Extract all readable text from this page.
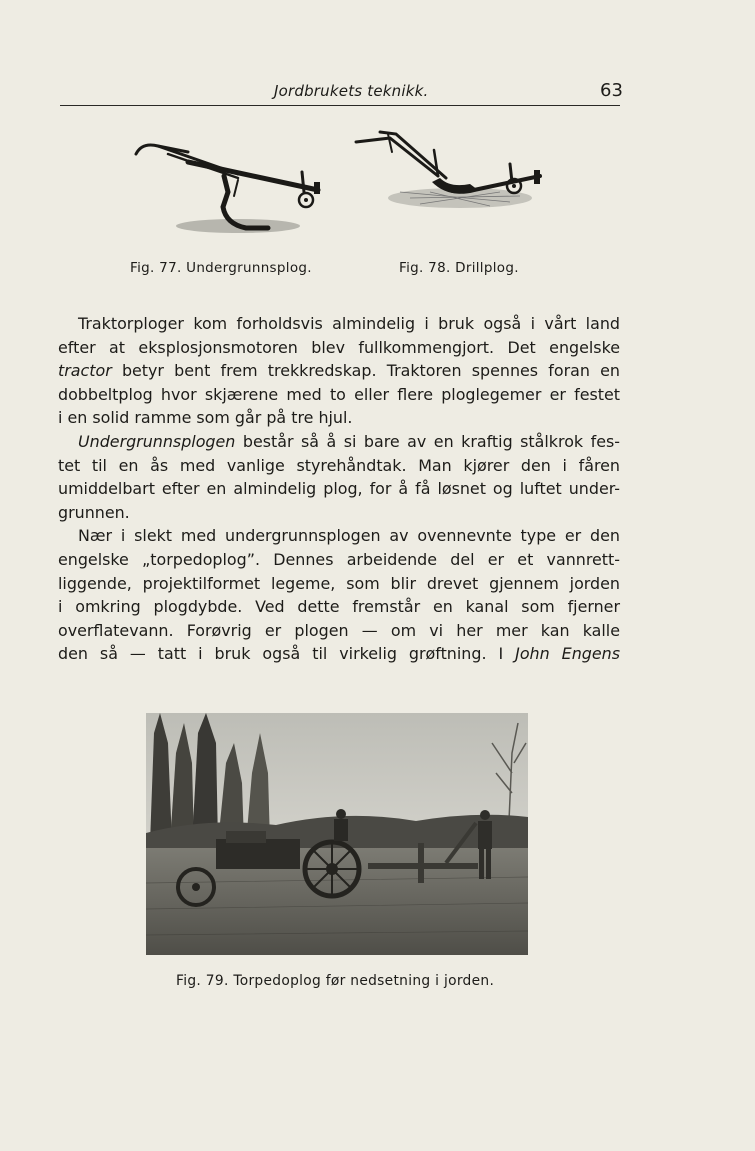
Jordbrukets teknikk.	63
Fig. 77. Undergrunnsplog.	Fig. 78. Drillplog.
Traktorploger kom forholdsvis almindelig i bruk også i vårt land
efter at eksplosjonsmotoren blev fullkommengjort. Det engelske
tractor betyr bent frem trekkredskap. Traktoren spennes foran en
dobbeltplog hvor skjærene med to eller flere ploglegemer er festet
i en solid ramme som går på tre hjul.
Undergrunnsplogen består så å si bare av en kraftig stålkrok fes-
tet til en ås med vanlige styrehåndtak. Man kjører den i fåren
umiddelbart efter en almindelig plog, for å få løsnet og luftet under-
grunnen.
Nær i slekt med undergrunnsplogen av ovennevnte type er den
engelske „torpedoplog”. Dennes arbeidende del er et vannrett-
liggende, projektilformet legeme, som blir drevet gjennem jorden
i omkring plogdybde. Ved dette fremstår en kanal som fjerner
overflatevann. Forøvrig er plogen — om vi her mer kan kalle
den så — tatt i bruk også til virkelig grøftning. I John Engens
Fig. 79. Torpedoplog før nedsetning i jorden.
